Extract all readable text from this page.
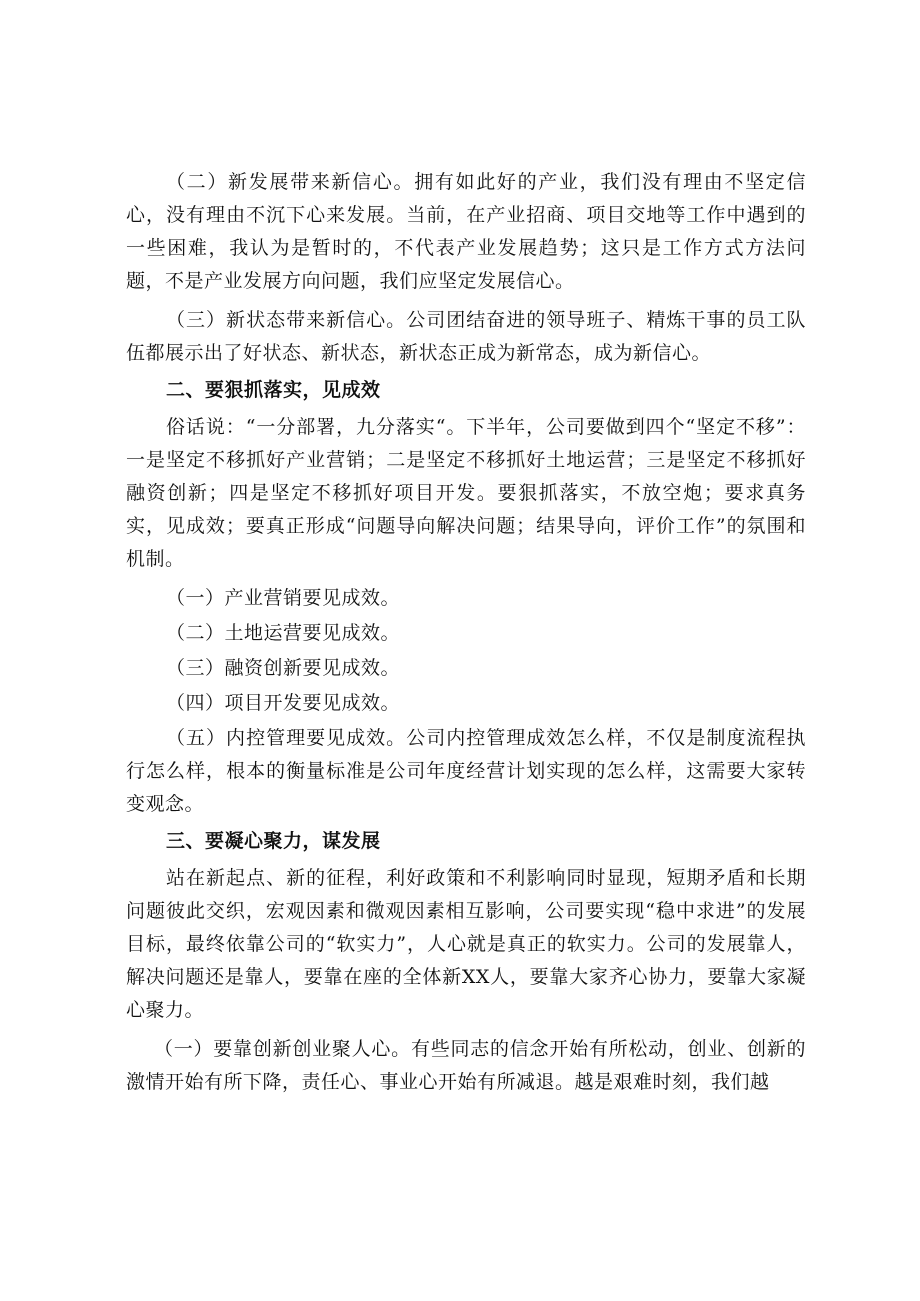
（二）新发展带来新信心。拥有如此好的产业，我们没有理由不坚定信心，没有理由不沉下心来发展。当前，在产业招商、项目交地等工作中遇到的一些困难，我认为是暂时的，不代表产业发展趋势；这只是工作方式方法问题，不是产业发展方向问题，我们应坚定发展信心。

（三）新状态带来新信心。公司团结奋进的领导班子、精炼干事的员工队伍都展示出了好状态、新状态，新状态正成为新常态，成为新信心。

二、要狠抓落实，见成效

俗话说：“一分部署，九分落实“。下半年，公司要做到四个“坚定不移”：一是坚定不移抓好产业营销；二是坚定不移抓好土地运营；三是坚定不移抓好融资创新；四是坚定不移抓好项目开发。要狠抓落实，不放空炮；要求真务实，见成效；要真正形成“问题导向解决问题；结果导向，评价工作”的氛围和机制。

（一）产业营销要见成效。

（二）土地运营要见成效。

（三）融资创新要见成效。

（四）项目开发要见成效。

（五）内控管理要见成效。公司内控管理成效怎么样，不仅是制度流程执行怎么样，根本的衡量标准是公司年度经营计划实现的怎么样，这需要大家转变观念。

三、要凝心聚力，谋发展

站在新起点、新的征程，利好政策和不利影响同时显现，短期矛盾和长期问题彼此交织，宏观因素和微观因素相互影响，公司要实现“稳中求进”的发展目标，最终依靠公司的“软实力”，人心就是真正的软实力。公司的发展靠人，解决问题还是靠人，要靠在座的全体新XX人，要靠大家齐心协力，要靠大家凝心聚力。

（一）要靠创新创业聚人心。有些同志的信念开始有所松动，创业、创新的激情开始有所下降，责任心、事业心开始有所减退。越是艰难时刻，我们越
